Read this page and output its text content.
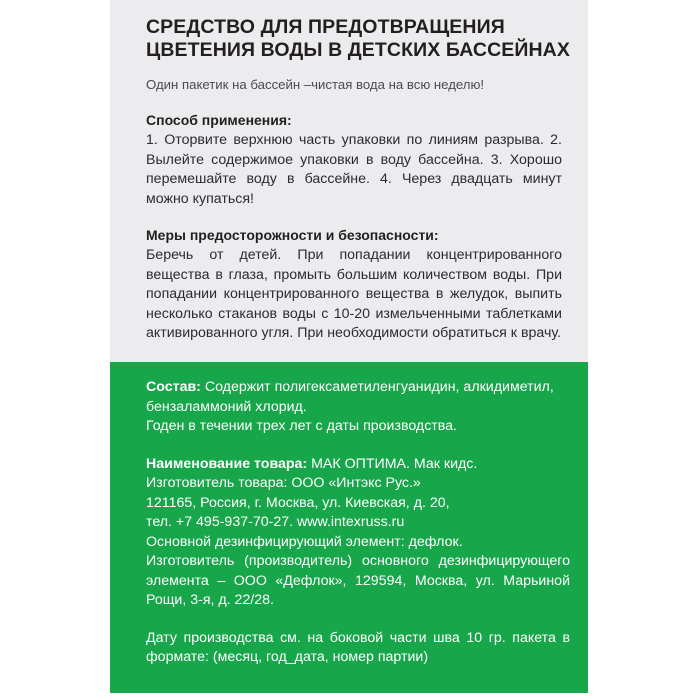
СРЕДСТВО ДЛЯ ПРЕДОТВРАЩЕНИЯ
ЦВЕТЕНИЯ ВОДЫ В ДЕТСКИХ БАССЕЙНАХ

Один пакетик на бассейн –чистая вода на всю неделю!

Способ применения:

1. Оторвите верхнюю часть упаковки по линиям разрыва. 2. Вылейте содержимое упаковки в воду бассейна. 3. Хорошо перемешайте воду в бассейне. 4. Через двадцать минут можно купаться!

Меры предосторожности и безопасности:

Беречь от детей. При попадании концентрированного вещества в глаза, промыть большим количеством воды. При попадании концентрированного вещества в желудок, выпить несколько стаканов воды с 10-20 измельченными таблетками активированного угля. При необходимости обратиться к врачу.

Состав: Содержит полигексаметиленгуанидин, алкидиметил, бензаламмоний хлорид.

Годен в течении трех лет с даты производства.

Наименование товара: МАК ОПТИМА. Мак кидс.

Изготовитель товара: ООО «Интэкс Рус.»

121165, Россия, г. Москва, ул. Киевская, д. 20,

тел. +7 495-937-70-27. www.intexruss.ru

Основной дезинфицирующий элемент: дефлок.

Изготовитель (производитель) основного дезинфицирующего элемента – ООО «Дефлок», 129594, Москва, ул. Марьиной Рощи, 3-я, д. 22/28.

Дату производства см. на боковой части шва 10 гр. пакета в формате: (месяц, год_дата, номер партии)
